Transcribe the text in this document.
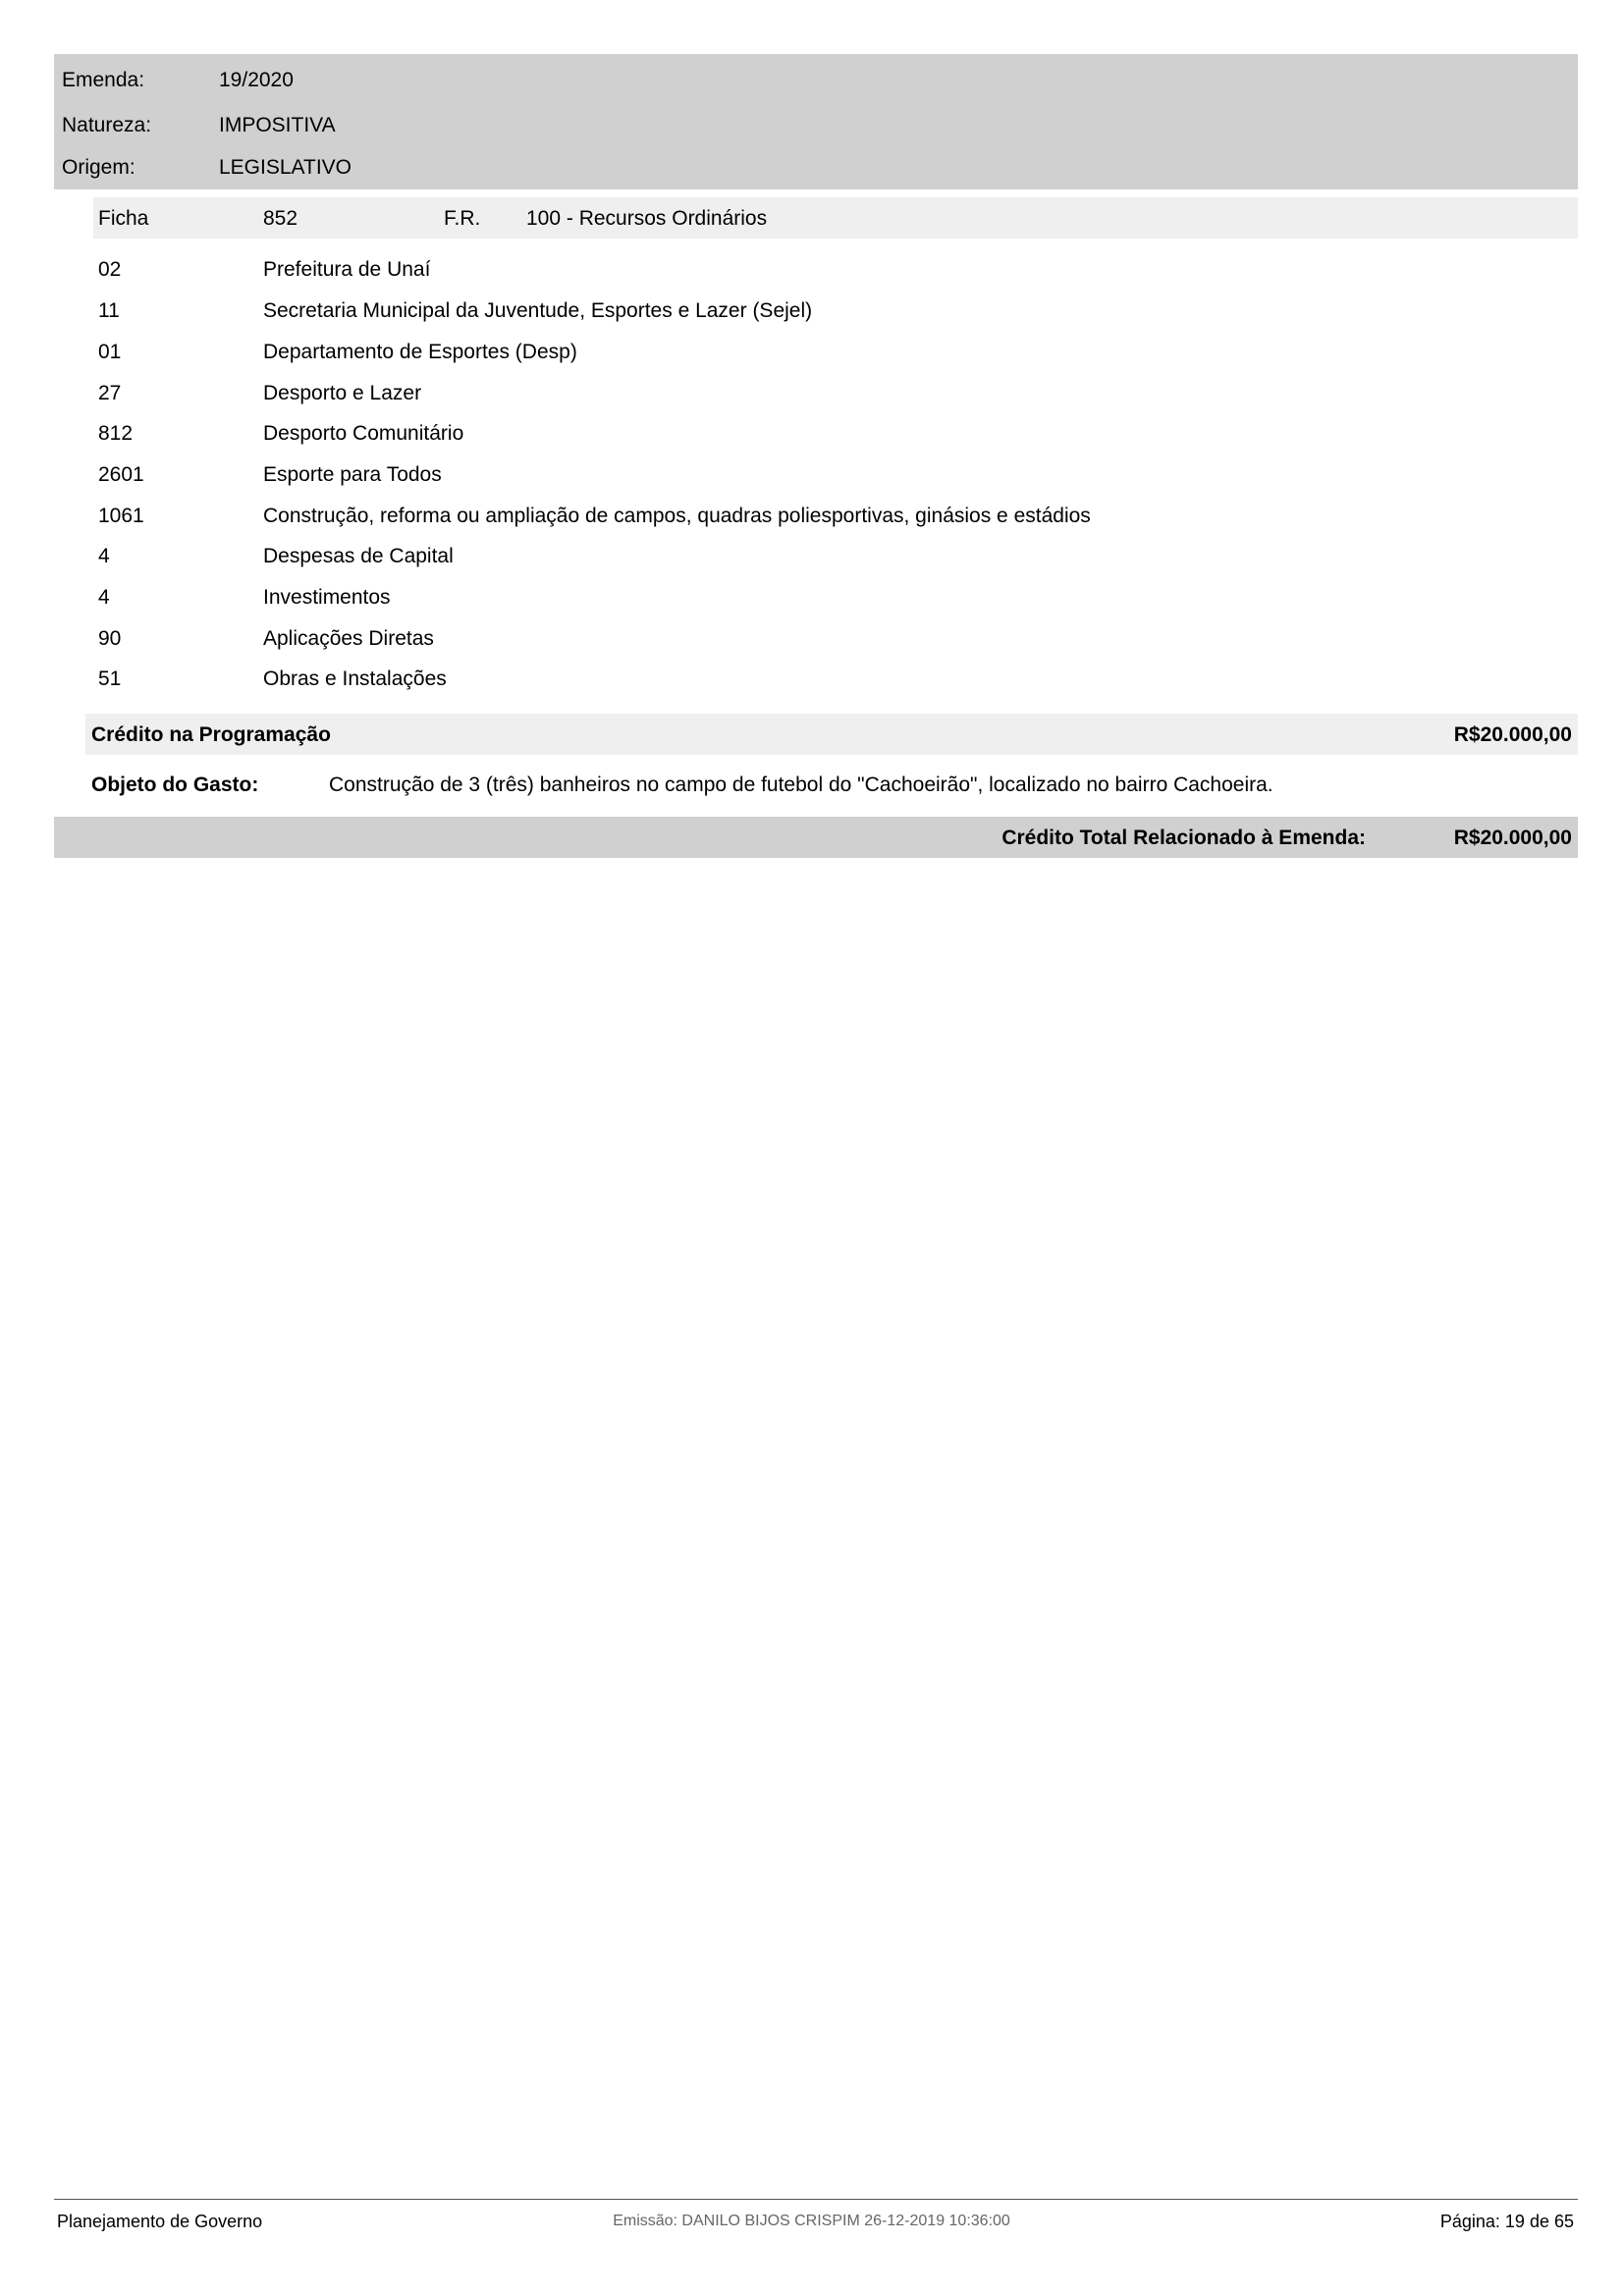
Emenda:	19/2020
Natureza:	IMPOSITIVA
Origem:	LEGISLATIVO
Ficha	852	F.R. 100 - Recursos Ordinários
02	Prefeitura de Unaí
11	Secretaria Municipal da Juventude, Esportes e Lazer (Sejel)
01	Departamento de Esportes (Desp)
27	Desporto e Lazer
812	Desporto Comunitário
2601	Esporte para Todos
1061	Construção, reforma ou ampliação de campos, quadras poliesportivas, ginásios e estádios
4	Despesas de Capital
4	Investimentos
90	Aplicações Diretas
51	Obras e Instalações
Crédito na Programação	R$20.000,00
Objeto do Gasto:	Construção de 3 (três) banheiros no campo de futebol do "Cachoeirão", localizado no bairro Cachoeira.
Crédito Total Relacionado à Emenda:	R$20.000,00
Planejamento de Governo	Emissão: DANILO BIJOS CRISPIM 26-12-2019 10:36:00	Página: 19 de 65
